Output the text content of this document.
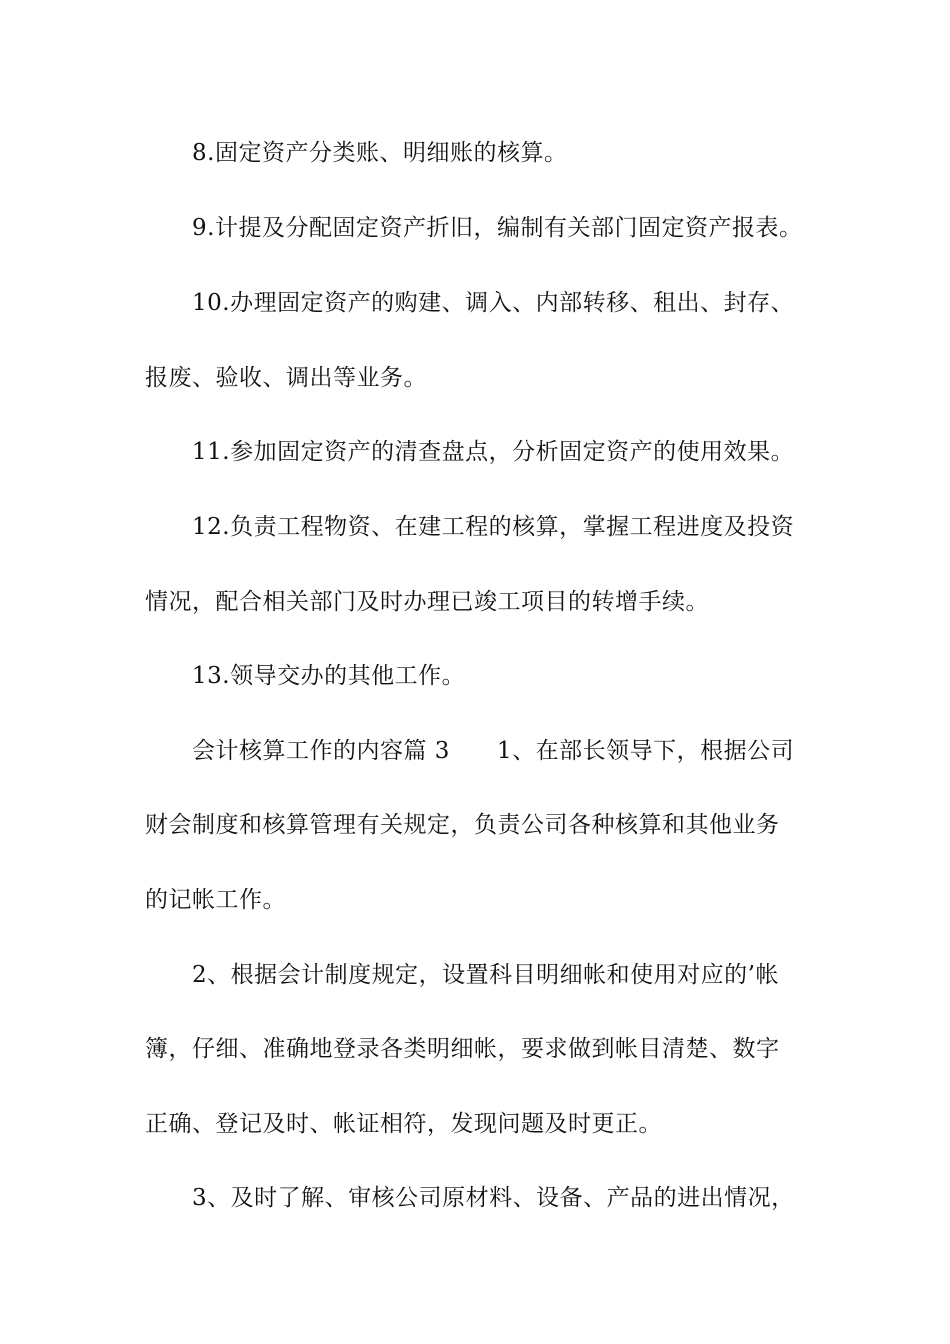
8.固定资产分类账、明细账的核算。
9.计提及分配固定资产折旧，编制有关部门固定资产报表。
10.办理固定资产的购建、调入、内部转移、租出、封存、
报废、验收、调出等业务。
11.参加固定资产的清查盘点，分析固定资产的使用效果。
12.负责工程物资、在建工程的核算，掌握工程进度及投资
情况，配合相关部门及时办理已竣工项目的转增手续。
13.领导交办的其他工作。
会计核算工作的内容篇 3　　1、在部长领导下，根据公司
财会制度和核算管理有关规定，负责公司各种核算和其他业务
的记帐工作。
2、根据会计制度规定，设置科目明细帐和使用对应的’帐
簿，仔细、准确地登录各类明细帐，要求做到帐目清楚、数字
正确、登记及时、帐证相符，发现问题及时更正。
3、及时了解、审核公司原材料、设备、产品的进出情况，
